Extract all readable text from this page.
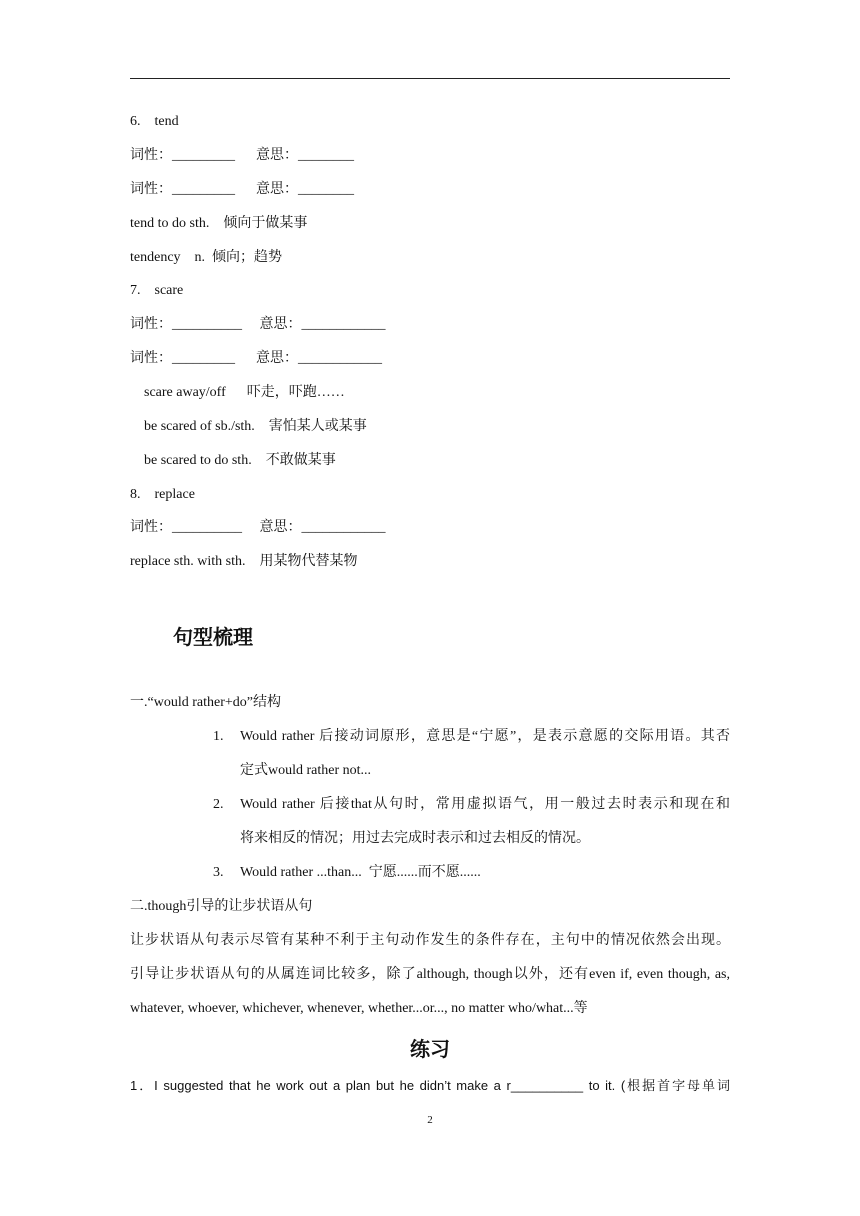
6.    tend
词性：_________      意思：________
词性：_________      意思：________
tend to do sth.    倾向于做某事
tendency    n.  倾向；趋势
7.    scare
词性：__________     意思：____________
词性：_________      意思：____________
scare away/off      吓走，吓跑……
be scared of sb./sth.    害怕某人或某事
be scared to do sth.    不敢做某事
8.    replace
词性：__________     意思：____________
replace sth. with sth.    用某物代替某物
句型梳理
一.“would rather+do”结构
1. Would rather 后接动词原形，意思是“宁愿”，是表示意愿的交际用语。其否
定式would rather not...
2. Would rather 后接that从句时，常用虚拟语气，用一般过去时表示和现在和
将来相反的情况；用过去完成时表示和过去相反的情况。
3. Would rather ...than...  宁愿......而不愿......
二.though引导的让步状语从句
让步状语从句表示尽管有某种不利于主句动作发生的条件存在，主句中的情况依然会出现。
引导让步状语从句的从属连词比较多，除了although, though以外，还有even if, even though, as,
whatever, whoever, whichever, whenever, whether...or..., no matter who/what...等
练习
1．I suggested that he work out a plan but he didn’t make a r__________ to it. (根据首字母单词
2
